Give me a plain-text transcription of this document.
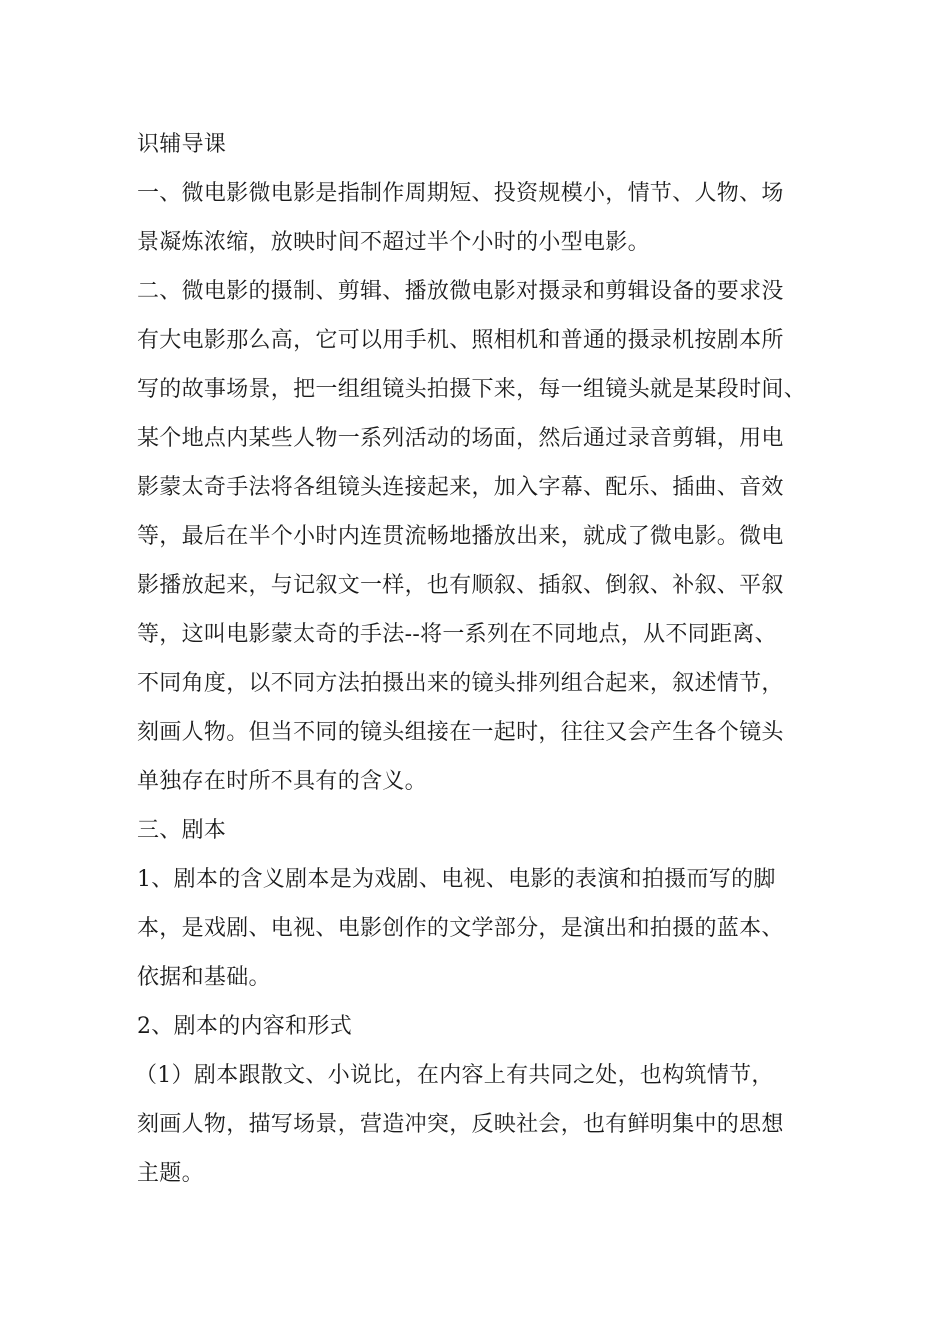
识辅导课
一、微电影微电影是指制作周期短、投资规模小，情节、人物、场
景凝炼浓缩，放映时间不超过半个小时的小型电影。
二、微电影的摄制、剪辑、播放微电影对摄录和剪辑设备的要求没
有大电影那么高，它可以用手机、照相机和普通的摄录机按剧本所
写的故事场景，把一组组镜头拍摄下来，每一组镜头就是某段时间、
某个地点内某些人物一系列活动的场面，然后通过录音剪辑，用电
影蒙太奇手法将各组镜头连接起来，加入字幕、配乐、插曲、音效
等，最后在半个小时内连贯流畅地播放出来，就成了微电影。微电
影播放起来，与记叙文一样，也有顺叙、插叙、倒叙、补叙、平叙
等，这叫电影蒙太奇的手法--将一系列在不同地点，从不同距离、
不同角度，以不同方法拍摄出来的镜头排列组合起来，叙述情节，
刻画人物。但当不同的镜头组接在一起时，往往又会产生各个镜头
单独存在时所不具有的含义。
三、剧本
1、剧本的含义剧本是为戏剧、电视、电影的表演和拍摄而写的脚
本，是戏剧、电视、电影创作的文学部分，是演出和拍摄的蓝本、
依据和基础。
2、剧本的内容和形式
（1）剧本跟散文、小说比，在内容上有共同之处，也构筑情节，
刻画人物，描写场景，营造冲突，反映社会，也有鲜明集中的思想
主题。
